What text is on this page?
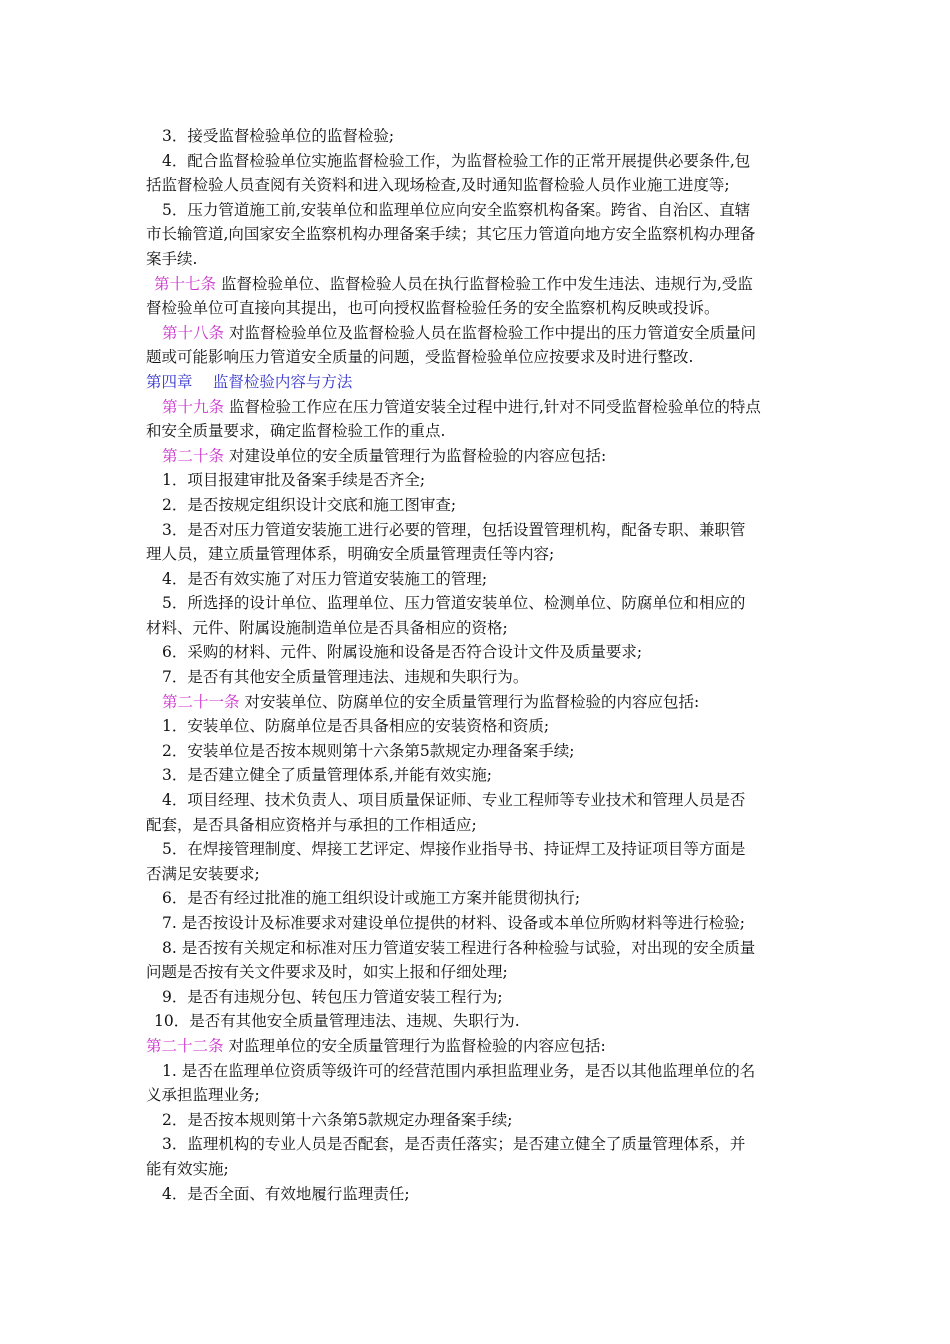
3．接受监督检验单位的监督检验;
4．配合监督检验单位实施监督检验工作，为监督检验工作的正常开展提供必要条件,包
括监督检验人员查阅有关资料和进入现场检查,及时通知监督检验人员作业施工进度等;
5．压力管道施工前,安装单位和监理单位应向安全监察机构备案。跨省、自治区、直辖
市长输管道,向国家安全监察机构办理备案手续；其它压力管道向地方安全监察机构办理备
案手续.
第十七条 监督检验单位、监督检验人员在执行监督检验工作中发生违法、违规行为,受监
督检验单位可直接向其提出，也可向授权监督检验任务的安全监察机构反映或投诉。
第十八条 对监督检验单位及监督检验人员在监督检验工作中提出的压力管道安全质量问
题或可能影响压力管道安全质量的问题，受监督检验单位应按要求及时进行整改.
第四章　 监督检验内容与方法
第十九条 监督检验工作应在压力管道安装全过程中进行,针对不同受监督检验单位的特点
和安全质量要求，确定监督检验工作的重点.
第二十条 对建设单位的安全质量管理行为监督检验的内容应包括:
1．项目报建审批及备案手续是否齐全;
2．是否按规定组织设计交底和施工图审查;
3．是否对压力管道安装施工进行必要的管理，包括设置管理机构，配备专职、兼职管
理人员，建立质量管理体系，明确安全质量管理责任等内容;
4．是否有效实施了对压力管道安装施工的管理;
5．所选择的设计单位、监理单位、压力管道安装单位、检测单位、防腐单位和相应的
材料、元件、附属设施制造单位是否具备相应的资格;
6．采购的材料、元件、附属设施和设备是否符合设计文件及质量要求;
7．是否有其他安全质量管理违法、违规和失职行为。
第二十一条 对安装单位、防腐单位的安全质量管理行为监督检验的内容应包括:
1．安装单位、防腐单位是否具备相应的安装资格和资质;
2．安装单位是否按本规则第十六条第5款规定办理备案手续;
3．是否建立健全了质量管理体系,并能有效实施;
4．项目经理、技术负责人、项目质量保证师、专业工程师等专业技术和管理人员是否
配套，是否具备相应资格并与承担的工作相适应;
5．在焊接管理制度、焊接工艺评定、焊接作业指导书、持证焊工及持证项目等方面是
否满足安装要求;
6．是否有经过批准的施工组织设计或施工方案并能贯彻执行;
7. 是否按设计及标准要求对建设单位提供的材料、设备或本单位所购材料等进行检验;
8. 是否按有关规定和标准对压力管道安装工程进行各种检验与试验，对出现的安全质量
问题是否按有关文件要求及时，如实上报和仔细处理;
9．是否有违规分包、转包压力管道安装工程行为;
10．是否有其他安全质量管理违法、违规、失职行为.
第二十二条 对监理单位的安全质量管理行为监督检验的内容应包括:
1. 是否在监理单位资质等级许可的经营范围内承担监理业务，是否以其他监理单位的名
义承担监理业务;
2．是否按本规则第十六条第5款规定办理备案手续;
3．监理机构的专业人员是否配套，是否责任落实；是否建立健全了质量管理体系，并
能有效实施;
4．是否全面、有效地履行监理责任;
